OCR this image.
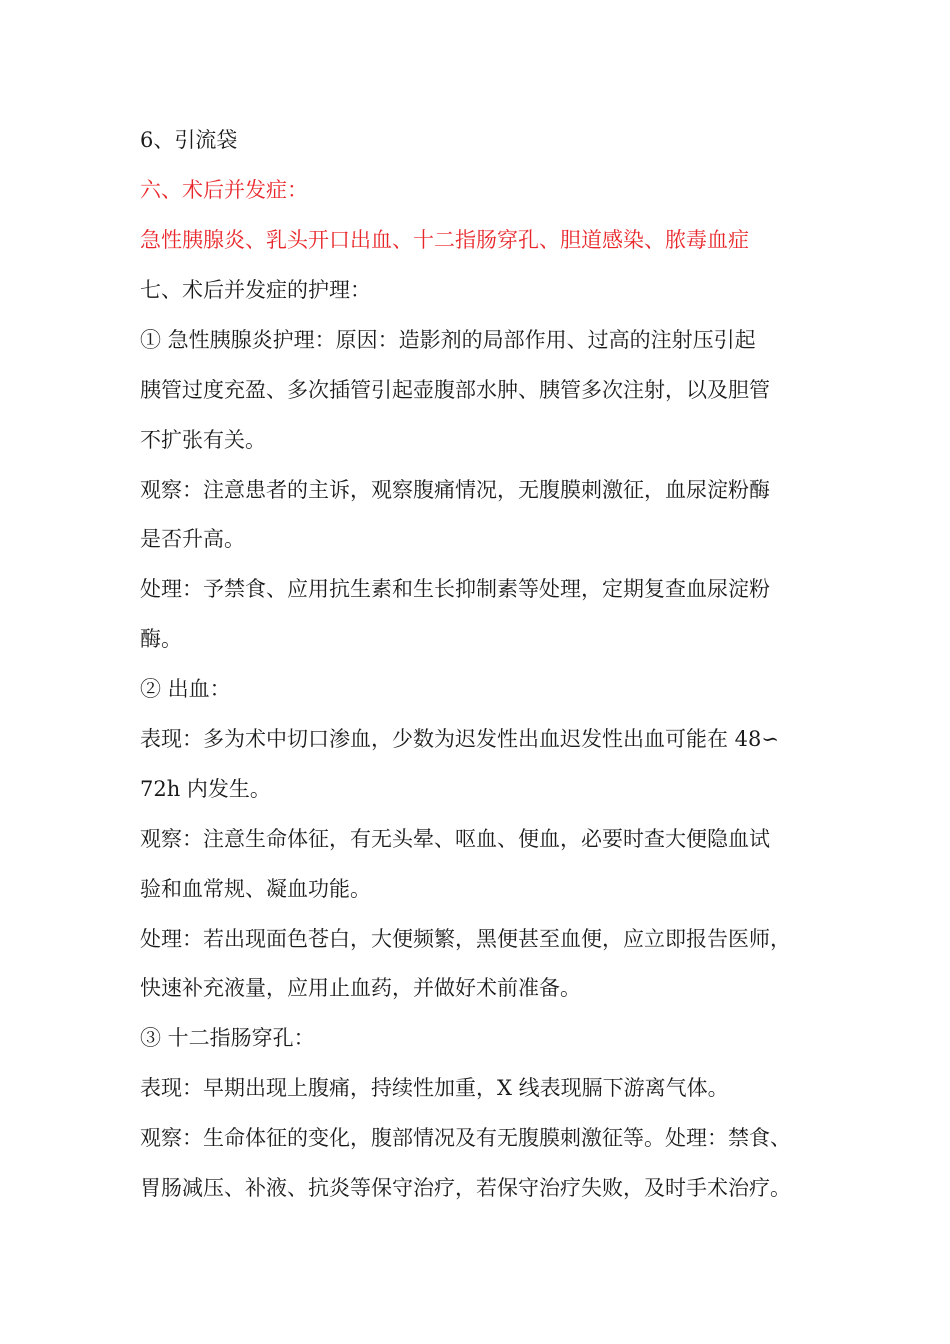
6、引流袋
六、术后并发症：
急性胰腺炎、乳头开口出血、十二指肠穿孔、胆道感染、脓毒血症
七、术后并发症的护理：
① 急性胰腺炎护理：原因：造影剂的局部作用、过高的注射压引起
胰管过度充盈、多次插管引起壶腹部水肿、胰管多次注射，以及胆管
不扩张有关。
观察：注意患者的主诉，观察腹痛情况，无腹膜刺激征，血尿淀粉酶
是否升高。
处理：予禁食、应用抗生素和生长抑制素等处理，定期复查血尿淀粉
酶。
② 出血：
表现：多为术中切口渗血，少数为迟发性出血迟发性出血可能在 48∽
72h 内发生。
观察：注意生命体征，有无头晕、呕血、便血，必要时查大便隐血试
验和血常规、凝血功能。
处理：若出现面色苍白，大便频繁，黑便甚至血便，应立即报告医师，
快速补充液量，应用止血药，并做好术前准备。
③ 十二指肠穿孔：
表现：早期出现上腹痛，持续性加重，X 线表现膈下游离气体。
观察：生命体征的变化，腹部情况及有无腹膜刺激征等。处理：禁食、
胃肠减压、补液、抗炎等保守治疗，若保守治疗失败，及时手术治疗。
